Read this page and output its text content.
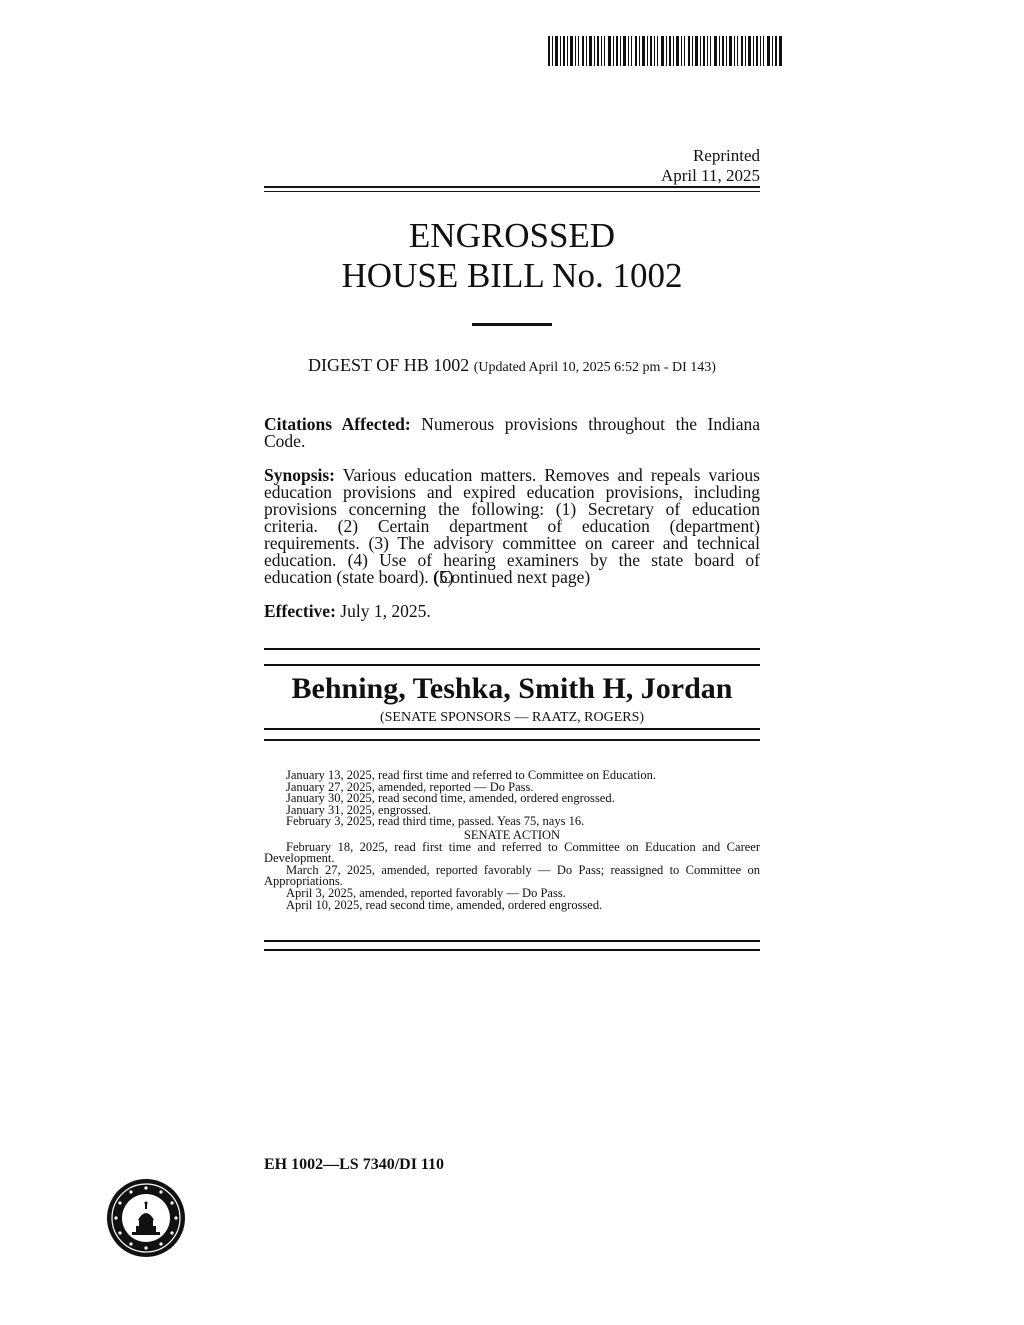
Reprinted
April 11, 2025
ENGROSSED
HOUSE BILL No. 1002
DIGEST OF HB 1002 (Updated April 10, 2025 6:52 pm - DI 143)
Citations Affected: Numerous provisions throughout the Indiana Code.
Synopsis: Various education matters. Removes and repeals various education provisions and expired education provisions, including provisions concerning the following: (1) Secretary of education criteria. (2) Certain department of education (department) requirements. (3) The advisory committee on career and technical education. (4) Use of hearing examiners by the state board of education (state board). (5)
(Continued next page)
Effective: July 1, 2025.
Behning, Teshka, Smith H, Jordan
(SENATE SPONSORS — RAATZ, ROGERS)
January 13, 2025, read first time and referred to Committee on Education.
January 27, 2025, amended, reported — Do Pass.
January 30, 2025, read second time, amended, ordered engrossed.
January 31, 2025, engrossed.
February 3, 2025, read third time, passed. Yeas 75, nays 16.
SENATE ACTION
February 18, 2025, read first time and referred to Committee on Education and Career Development.
March 27, 2025, amended, reported favorably — Do Pass; reassigned to Committee on Appropriations.
April 3, 2025, amended, reported favorably — Do Pass.
April 10, 2025, read second time, amended, ordered engrossed.
EH 1002—LS 7340/DI 110
